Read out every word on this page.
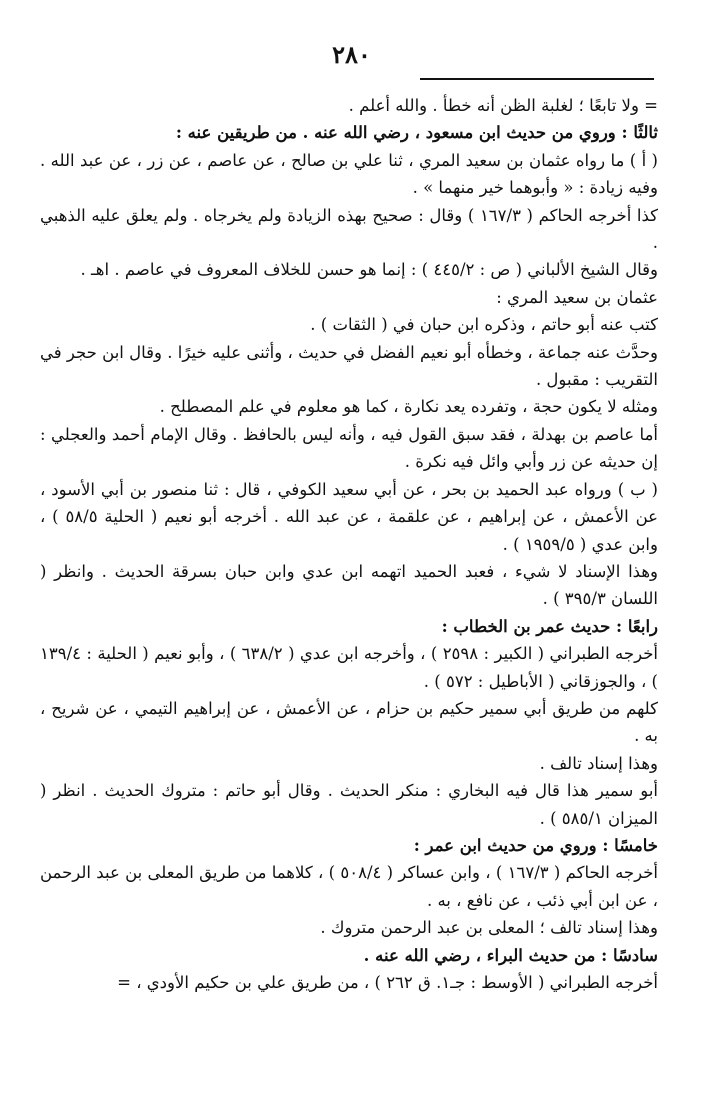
٢٨٠

= ولا تابعًا ؛ لغلبة الظن أنه خطأ . والله أعلم .

ثالثًا : وروي من حديث ابن مسعود ، رضي الله عنه . من طريقين عنه :

( أ ) ما رواه عثمان بن سعيد المري ، ثنا علي بن صالح ، عن عاصم ، عن زر ، عن عبد الله . وفيه زيادة : « وأبوهما خير منهما » .

كذا أخرجه الحاكم ( ١٦٧/٣ ) وقال : صحيح بهذه الزيادة ولم يخرجاه . ولم يعلق عليه الذهبي .

وقال الشيخ الألباني ( ص : ٤٤٥/٢ ) : إنما هو حسن للخلاف المعروف في عاصم . اهـ .

عثمان بن سعيد المري :

كتب عنه أبو حاتم ، وذكره ابن حبان في ( الثقات ) .

وحدَّث عنه جماعة ، وخطأه أبو نعيم الفضل في حديث ، وأثنى عليه خيرًا . وقال ابن حجر في التقريب : مقبول .

ومثله لا يكون حجة ، وتفرده يعد نكارة ، كما هو معلوم في علم المصطلح .

أما عاصم بن بهدلة ، فقد سبق القول فيه ، وأنه ليس بالحافظ . وقال الإمام أحمد والعجلي : إن حديثه عن زر وأبي وائل فيه نكرة .

( ب ) ورواه عبد الحميد بن بحر ، عن أبي سعيد الكوفي ، قال : ثنا منصور بن أبي الأسود ، عن الأعمش ، عن إبراهيم ، عن علقمة ، عن عبد الله . أخرجه أبو نعيم ( الحلية ٥٨/٥ ) ، وابن عدي ( ١٩٥٩/٥ ) .

وهذا الإسناد لا شيء ، فعبد الحميد اتهمه ابن عدي وابن حبان بسرقة الحديث . وانظر ( اللسان ٣٩٥/٣ ) .

رابعًا : حديث عمر بن الخطاب :

أخرجه الطبراني ( الكبير : ٢٥٩٨ ) ، وأخرجه ابن عدي ( ٦٣٨/٢ ) ، وأبو نعيم ( الحلية : ١٣٩/٤ ) ، والجوزقاني ( الأباطيل : ٥٧٢ ) .

كلهم من طريق أبي سمير حكيم بن حزام ، عن الأعمش ، عن إبراهيم التيمي ، عن شريح ، به .

وهذا إسناد تالف .

أبو سمير هذا قال فيه البخاري : منكر الحديث . وقال أبو حاتم : متروك الحديث . انظر ( الميزان ٥٨٥/١ ) .

خامسًا : وروي من حديث ابن عمر :

أخرجه الحاكم ( ١٦٧/٣ ) ، وابن عساكر ( ٥٠٨/٤ ) ، كلاهما من طريق المعلى بن عبد الرحمن ، عن ابن أبي ذئب ، عن نافع ، به .

وهذا إسناد تالف ؛ المعلى بن عبد الرحمن متروك .

سادسًا : من حديث البراء ، رضي الله عنه .

أخرجه الطبراني ( الأوسط : جـ١. ق ٢٦٢ ) ، من طريق علي بن حكيم الأودي ، =
